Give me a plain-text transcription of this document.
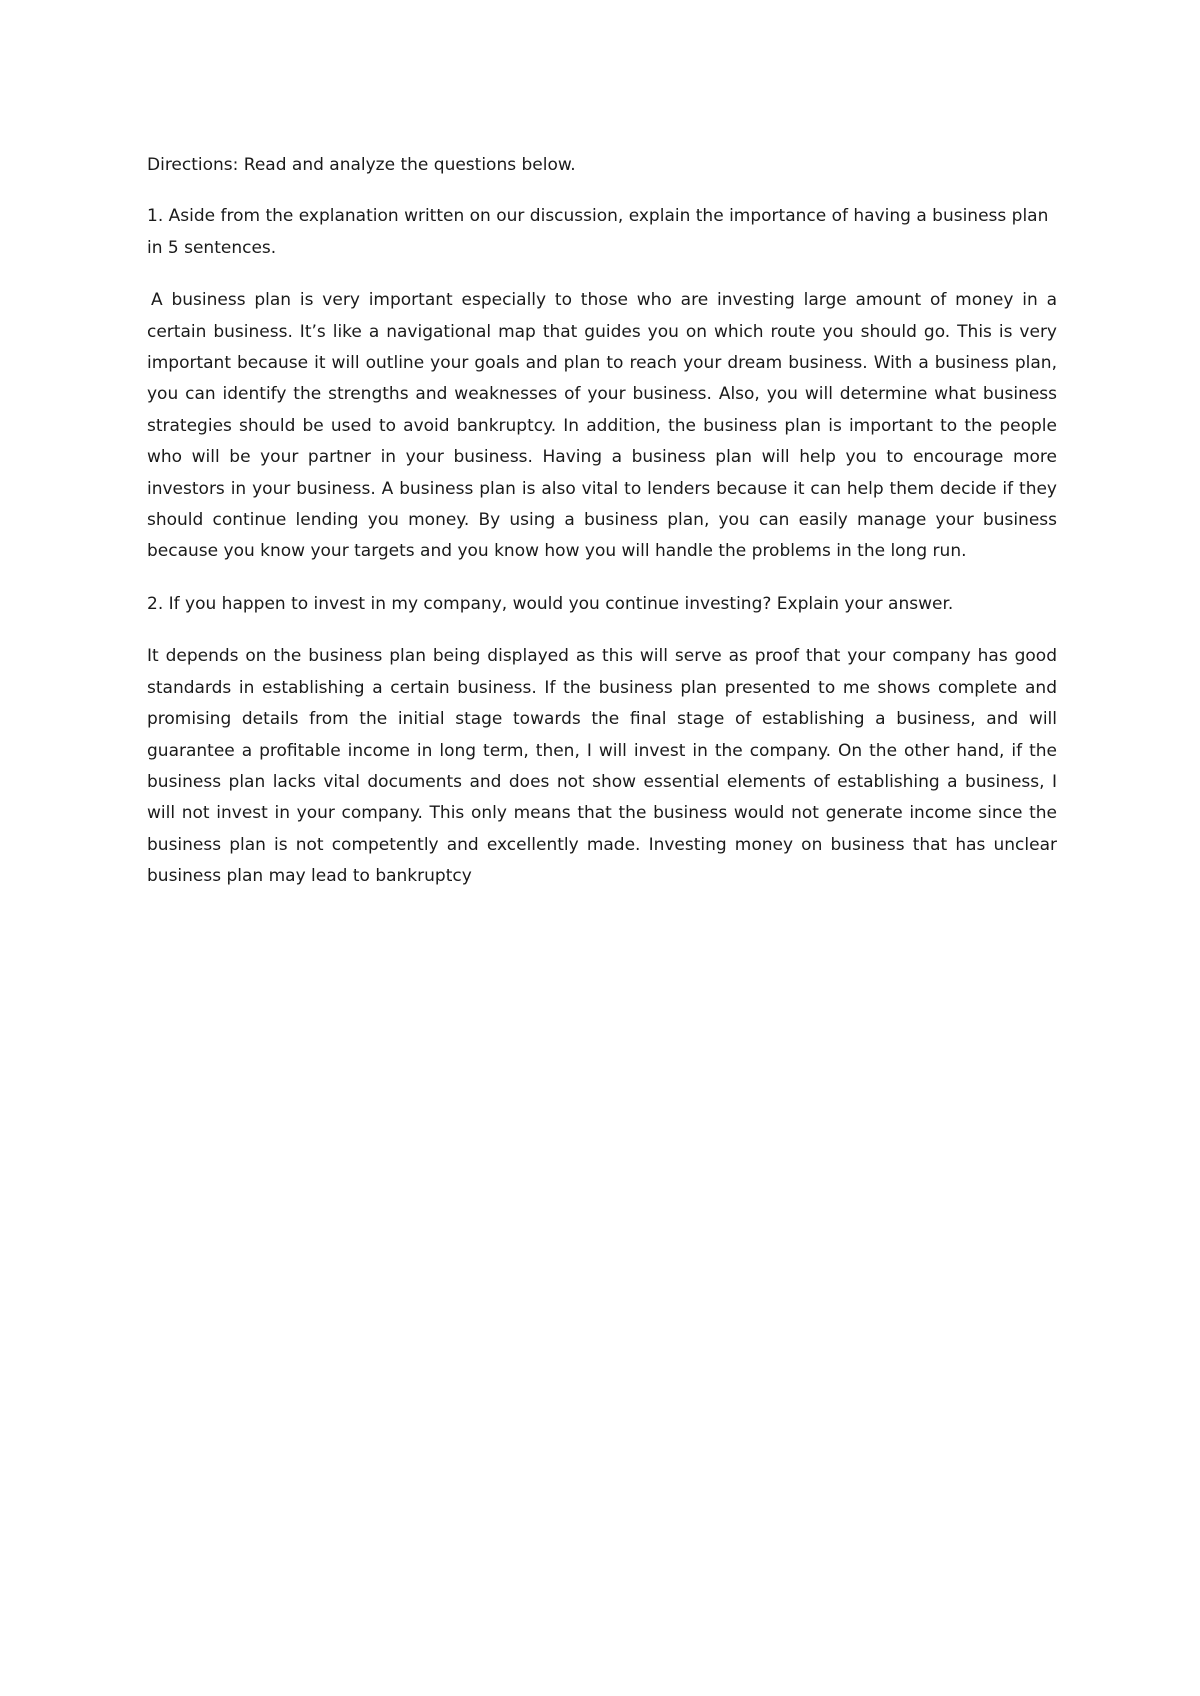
Directions: Read and analyze the questions below.

1. Aside from the explanation written on our discussion, explain the importance of having a business plan in 5 sentences.

A business plan is very important especially to those who are investing large amount of money in a certain business. It’s like a navigational map that guides you on which route you should go. This is very important because it will outline your goals and plan to reach your dream business. With a business plan, you can identify the strengths and weaknesses of your business. Also, you will determine what business strategies should be used to avoid bankruptcy. In addition, the business plan is important to the people who will be your partner in your business. Having a business plan will help you to encourage more investors in your business. A business plan is also vital to lenders because it can help them decide if they should continue lending you money. By using a business plan, you can easily manage your business because you know your targets and you know how you will handle the problems in the long run.

2. If you happen to invest in my company, would you continue investing? Explain your answer.

It depends on the business plan being displayed as this will serve as proof that your company has good standards in establishing a certain business. If the business plan presented to me shows complete and promising details from the initial stage towards the final stage of establishing a business, and will guarantee a profitable income in long term, then, I will invest in the company. On the other hand, if the business plan lacks vital documents and does not show essential elements of establishing a business, I will not invest in your company. This only means that the business would not generate income since the business plan is not competently and excellently made. Investing money on business that has unclear business plan may lead to bankruptcy
